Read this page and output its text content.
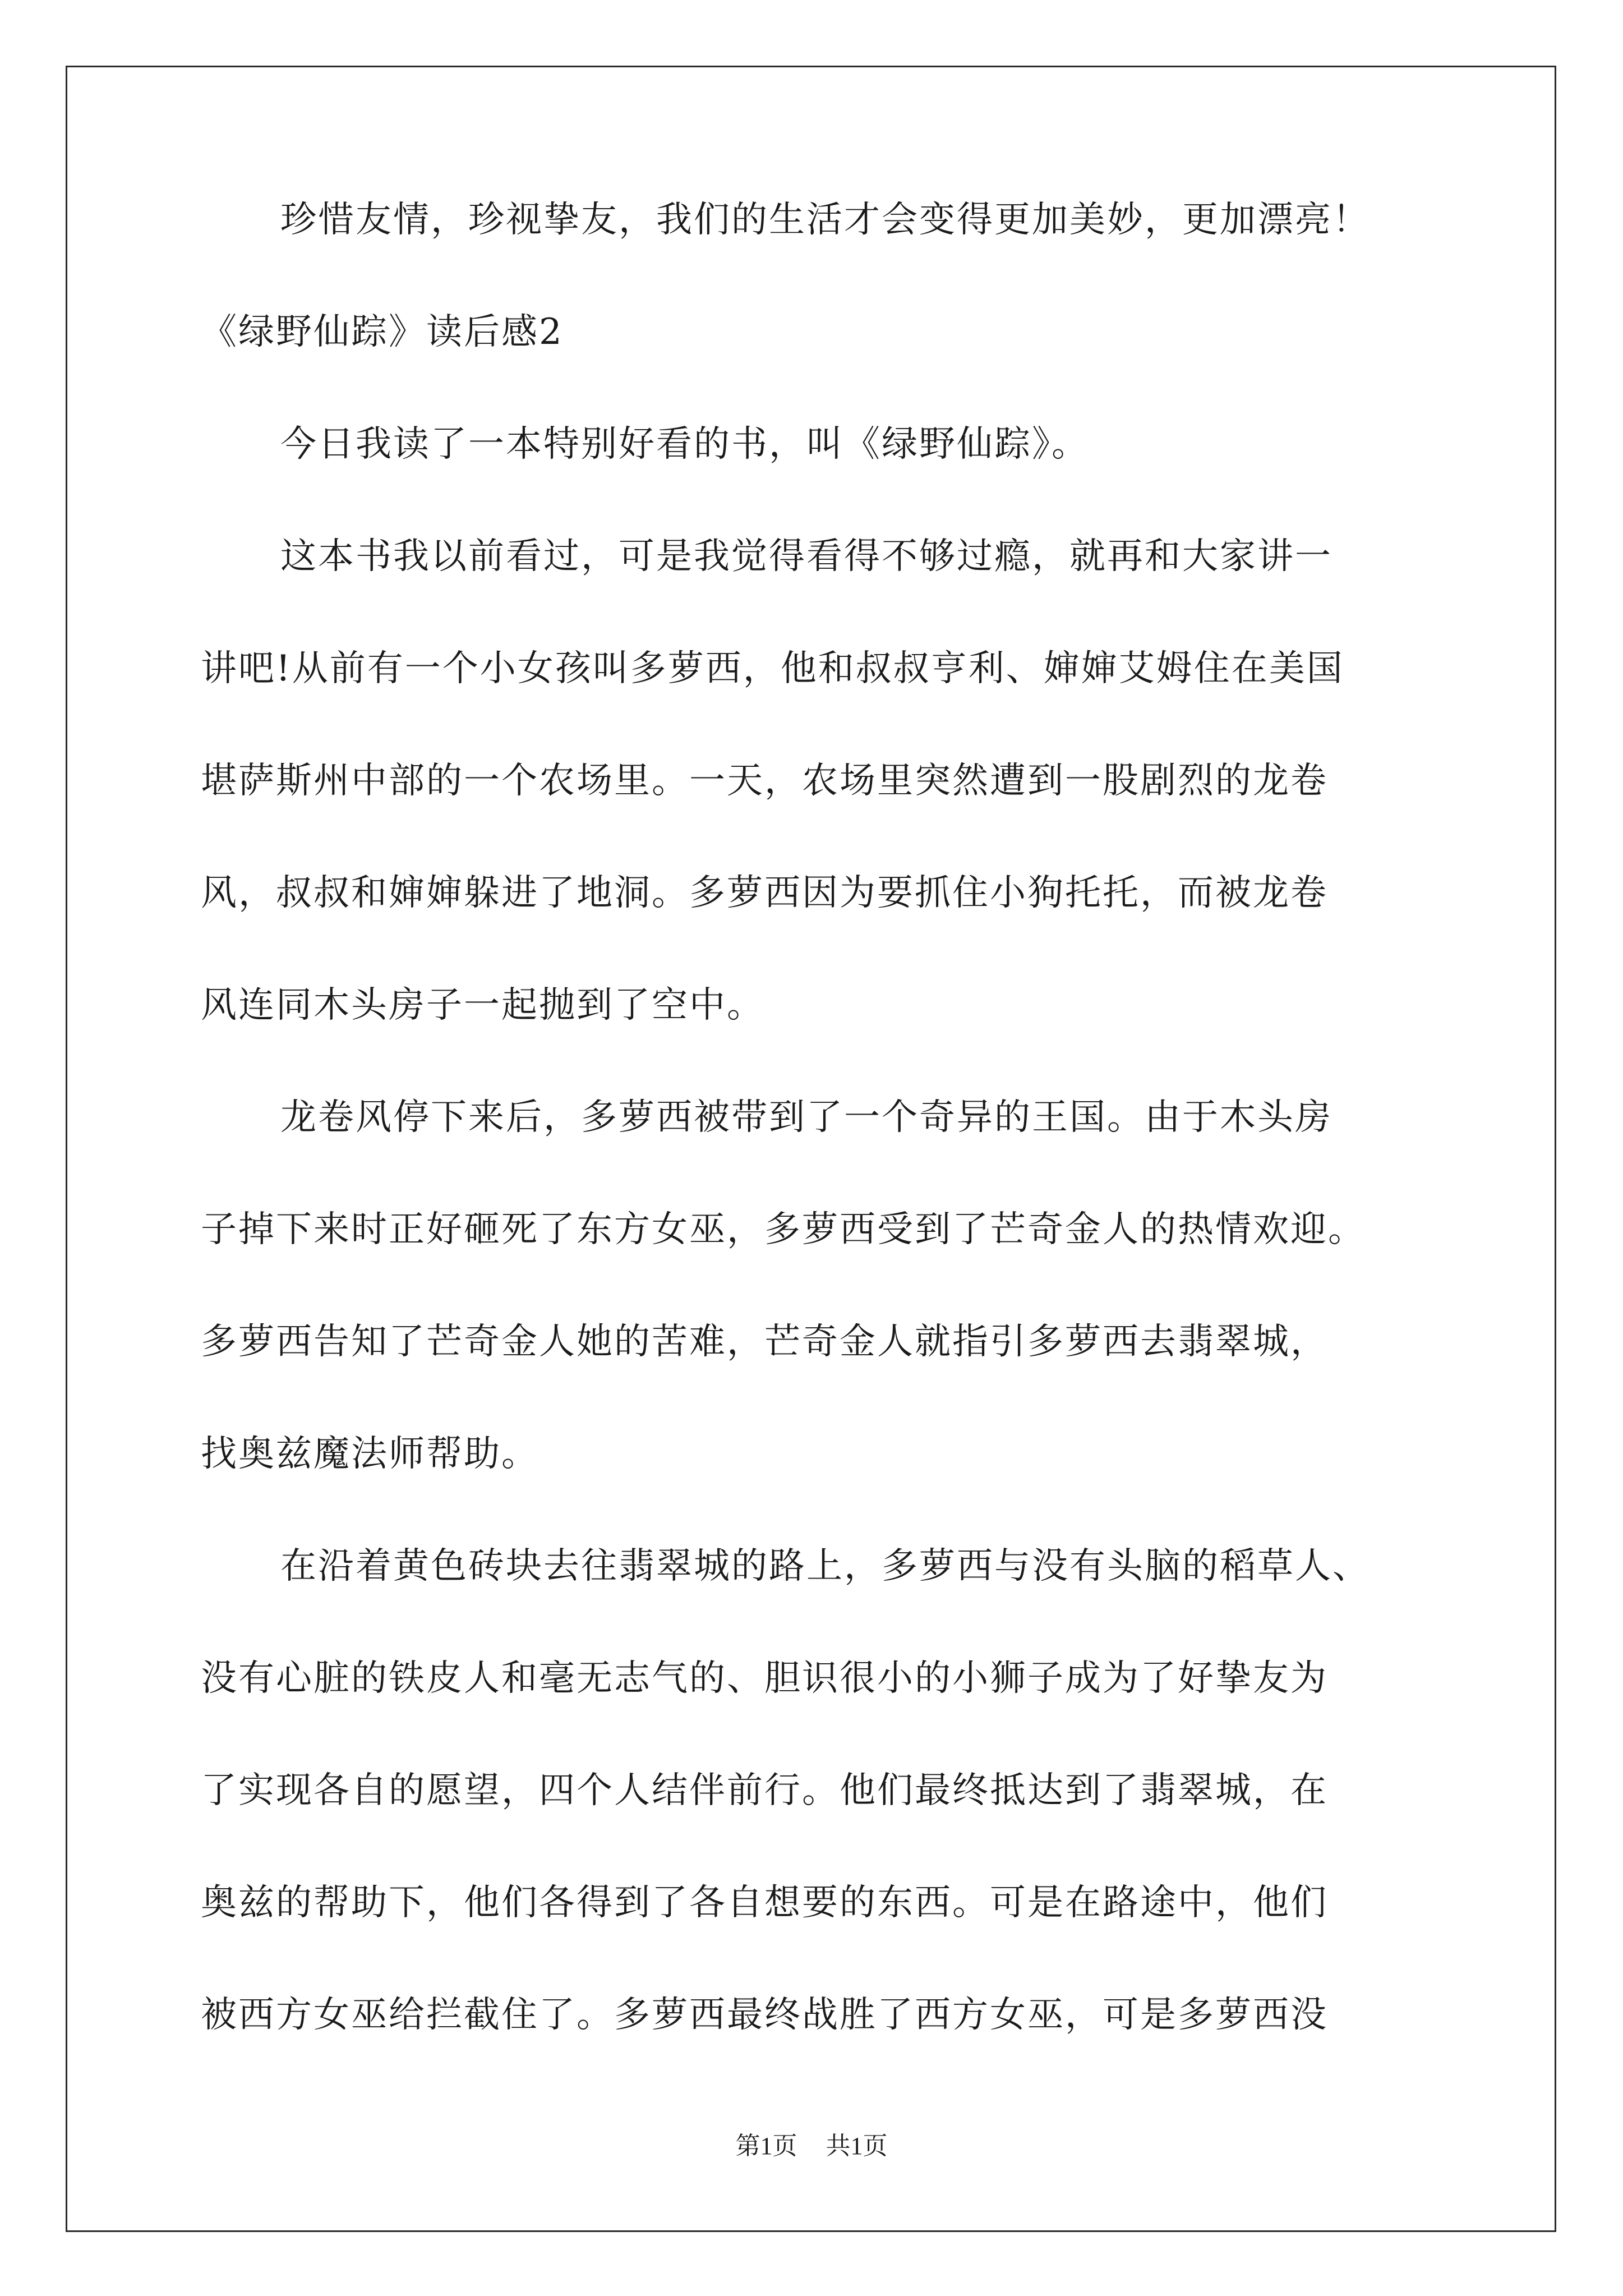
珍惜友情，珍视挚友，我们的生活才会变得更加美妙，更加漂亮！
《绿野仙踪》读后感2
今日我读了一本特别好看的书，叫《绿野仙踪》。
这本书我以前看过，可是我觉得看得不够过瘾，就再和大家讲一
讲吧!从前有一个小女孩叫多萝西，他和叔叔亨利、婶婶艾姆住在美国
堪萨斯州中部的一个农场里。一天，农场里突然遭到一股剧烈的龙卷
风，叔叔和婶婶躲进了地洞。多萝西因为要抓住小狗托托，而被龙卷
风连同木头房子一起抛到了空中。
龙卷风停下来后，多萝西被带到了一个奇异的王国。由于木头房
子掉下来时正好砸死了东方女巫，多萝西受到了芒奇金人的热情欢迎。
多萝西告知了芒奇金人她的苦难，芒奇金人就指引多萝西去翡翠城，
找奥兹魔法师帮助。
在沿着黄色砖块去往翡翠城的路上，多萝西与没有头脑的稻草人、
没有心脏的铁皮人和毫无志气的、胆识很小的小狮子成为了好挚友为
了实现各自的愿望，四个人结伴前行。他们最终抵达到了翡翠城，在
奥兹的帮助下，他们各得到了各自想要的东西。可是在路途中，他们
被西方女巫给拦截住了。多萝西最终战胜了西方女巫，可是多萝西没
第1页 共1页
